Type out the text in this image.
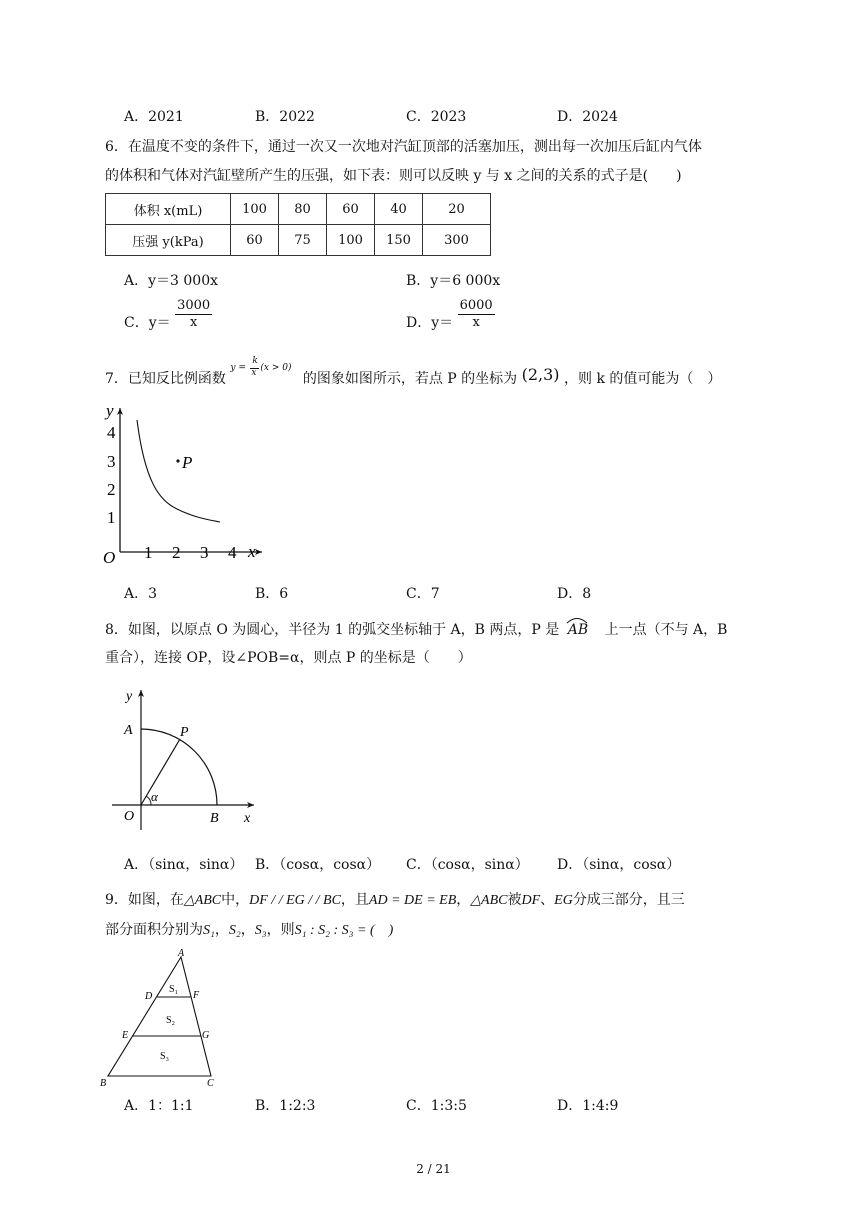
A．2021	B．2022	C．2023	D．2024
6．在温度不变的条件下，通过一次又一次地对汽缸顶部的活塞加压，测出每一次加压后缸内气体
的体积和气体对汽缸壁所产生的压强，如下表：则可以反映 y 与 x 之间的关系的式子是(　　)
体积 x(mL)	100	80	60	40	20
压强 y(kPa)	60	75	100	150	300
A．y＝3 000x	B．y＝6 000x
C．$y= \frac{3000}{x}$	D．$y= \frac{6000}{x}$
7．已知反比例函数
y =
k
x (x > 0)
的图象如图所示，若点 P 的坐标为 (2,3) ，则 k 的值可能为（　）
P
y
x
O
1
2
3
4
1 2 3 4
A．3	B．6	C．7	D．8
8．如图，以原点 O 为圆心，半径为 1 的弧交坐标轴于 A，B 两点，P 是 AB 上一点（不与 A，B
重合），连接 OP，设∠POB=α，则点 P 的坐标是（　　）
y
x
A	P
O	B
α
A．（sinα，sinα） B．（cosα，cosα） C．（cosα，sinα） D．（sinα，cosα）
9．如图，在△ABC中，DF / / EG / / BC，且AD = DE = EB，△ABC被DF、EG分成三部分，且三
部分面积分别为S₁，S₂，S₃，则S₁ : S₂ : S₃ = (　)
A
D	F
E	G
B	C
S₁
S₂
S₃
A．1：1:1	B．1:2:3	C．1:3:5	D．1:4:9
2 / 21
